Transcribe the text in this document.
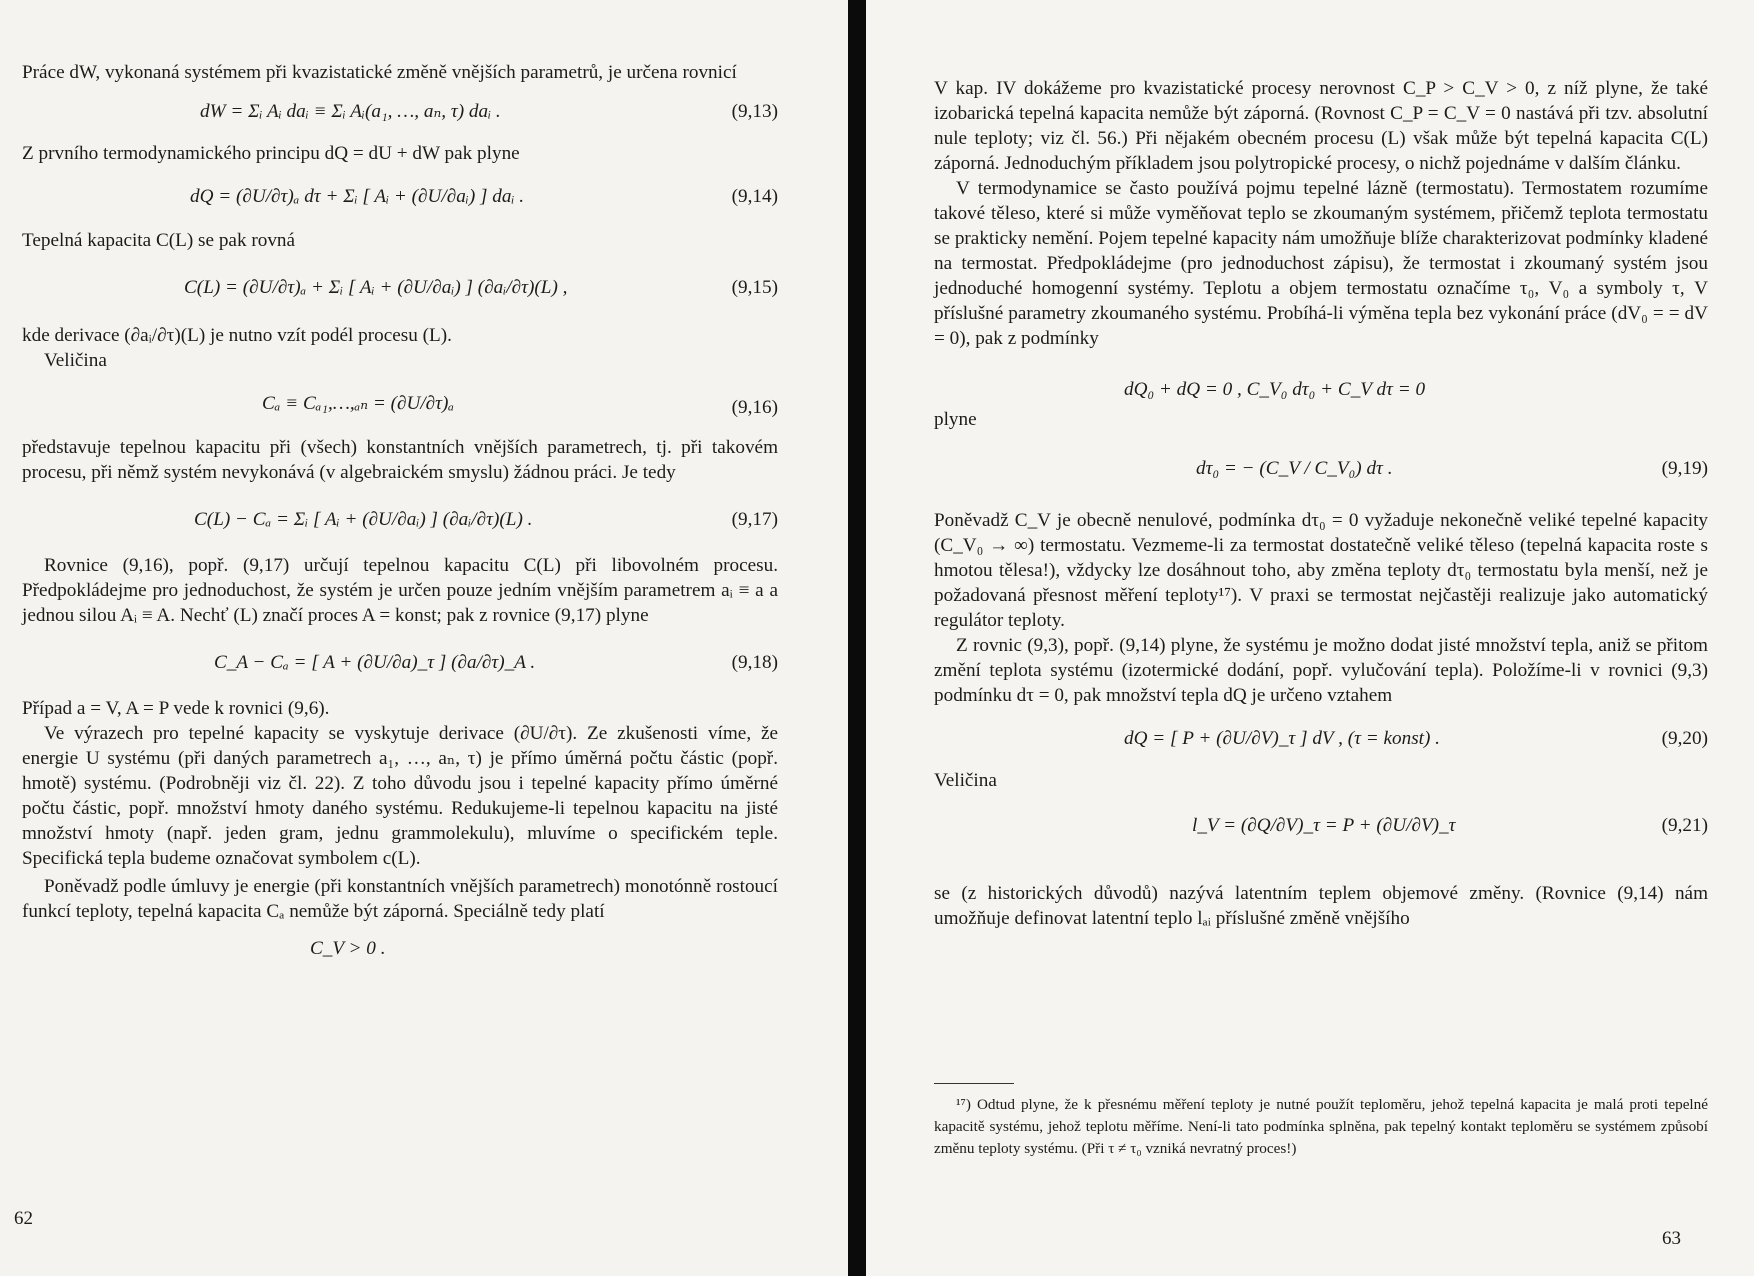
Práce dW, vykonaná systémem při kvazistatické změně vnějších parametrů, je určena rovnicí

dW = Σᵢ Aᵢ daᵢ ≡ Σᵢ Aᵢ(a₁, …, aₙ, τ) daᵢ .	(9,13)

Z prvního termodynamického principu dQ = dU + dW pak plyne

dQ = (∂U/∂τ)ₐ dτ + Σᵢ [ Aᵢ + (∂U/∂aᵢ) ] daᵢ .	(9,14)

Tepelná kapacita C(L) se pak rovná

C(L) = (∂U/∂τ)ₐ + Σᵢ [ Aᵢ + (∂U/∂aᵢ) ] (∂aᵢ/∂τ)(L) ,	(9,15)

kde derivace (∂aᵢ/∂τ)(L) je nutno vzít podél procesu (L).

Veličina

Cₐ ≡ Cₐ₁,…,ₐₙ = (∂U/∂τ)ₐ	(9,16)

představuje tepelnou kapacitu při (všech) konstantních vnějších parametrech, tj. při takovém procesu, při němž systém nevykonává (v algebraickém smyslu) žádnou práci. Je tedy

C(L) − Cₐ = Σᵢ [ Aᵢ + (∂U/∂aᵢ) ] (∂aᵢ/∂τ)(L) .	(9,17)

Rovnice (9,16), popř. (9,17) určují tepelnou kapacitu C(L) při libovolném procesu. Předpokládejme pro jednoduchost, že systém je určen pouze jedním vnějším parametrem aᵢ ≡ a a jednou silou Aᵢ ≡ A. Nechť (L) značí proces A = konst; pak z rovnice (9,17) plyne

C_A − Cₐ = [ A + (∂U/∂a)_τ ] (∂a/∂τ)_A .	(9,18)

Případ a = V, A = P vede k rovnici (9,6).

Ve výrazech pro tepelné kapacity se vyskytuje derivace (∂U/∂τ). Ze zkušenosti víme, že energie U systému (při daných parametrech a₁, …, aₙ, τ) je přímo úměrná počtu částic (popř. hmotě) systému. (Podrobněji viz čl. 22). Z toho důvodu jsou i tepelné kapacity přímo úměrné počtu částic, popř. množství hmoty daného systému. Redukujeme-li tepelnou kapacitu na jisté množství hmoty (např. jeden gram, jednu grammolekulu), mluvíme o specifickém teple. Specifická tepla budeme označovat symbolem c(L).

Poněvadž podle úmluvy je energie (při konstantních vnějších parametrech) monotónně rostoucí funkcí teploty, tepelná kapacita Cₐ nemůže být záporná. Speciálně tedy platí

C_V > 0 .
62

V kap. IV dokážeme pro kvazistatické procesy nerovnost C_P > C_V > 0, z níž plyne, že také izobarická tepelná kapacita nemůže být záporná. (Rovnost C_P = C_V = 0 nastává při tzv. absolutní nule teploty; viz čl. 56.) Při nějakém obecném procesu (L) však může být tepelná kapacita C(L) záporná. Jednoduchým příkladem jsou polytropické procesy, o nichž pojednáme v dalším článku.

V termodynamice se často používá pojmu tepelné lázně (termostatu). Termostatem rozumíme takové těleso, které si může vyměňovat teplo se zkoumaným systémem, přičemž teplota termostatu se prakticky nemění. Pojem tepelné kapacity nám umožňuje blíže charakterizovat podmínky kladené na termostat. Předpokládejme (pro jednoduchost zápisu), že termostat i zkoumaný systém jsou jednoduché homogenní systémy. Teplotu a objem termostatu označíme τ₀, V₀ a symboly τ, V příslušné parametry zkoumaného systému. Probíhá-li výměna tepla bez vykonání práce (dV₀ = = dV = 0), pak z podmínky

dQ₀ + dQ = 0 , C_V₀ dτ₀ + C_V dτ = 0

plyne

dτ₀ = − (C_V / C_V₀) dτ .	(9,19)

Poněvadž C_V je obecně nenulové, podmínka dτ₀ = 0 vyžaduje nekonečně veliké tepelné kapacity (C_V₀ → ∞) termostatu. Vezmeme-li za termostat dostatečně veliké těleso (tepelná kapacita roste s hmotou tělesa!), vždycky lze dosáhnout toho, aby změna teploty dτ₀ termostatu byla menší, než je požadovaná přesnost měření teploty¹⁷). V praxi se termostat nejčastěji realizuje jako automatický regulátor teploty.

Z rovnic (9,3), popř. (9,14) plyne, že systému je možno dodat jisté množství tepla, aniž se přitom změní teplota systému (izotermické dodání, popř. vylučování tepla). Položíme-li v rovnici (9,3) podmínku dτ = 0, pak množství tepla dQ je určeno vztahem

dQ = [ P + (∂U/∂V)_τ ] dV , (τ = konst) .	(9,20)

Veličina

l_V = (∂Q/∂V)_τ = P + (∂U/∂V)_τ	(9,21)

se (z historických důvodů) nazývá latentním teplem objemové změny. (Rovnice (9,14) nám umožňuje definovat latentní teplo lₐᵢ příslušné změně vnějšího

¹⁷) Odtud plyne, že k přesnému měření teploty je nutné použít teploměru, jehož tepelná kapacita je malá proti tepelné kapacitě systému, jehož teplotu měříme. Není-li tato podmínka splněna, pak tepelný kontakt teploměru se systémem způsobí změnu teploty systému. (Při τ ≠ τ₀ vzniká nevratný proces!)

63
